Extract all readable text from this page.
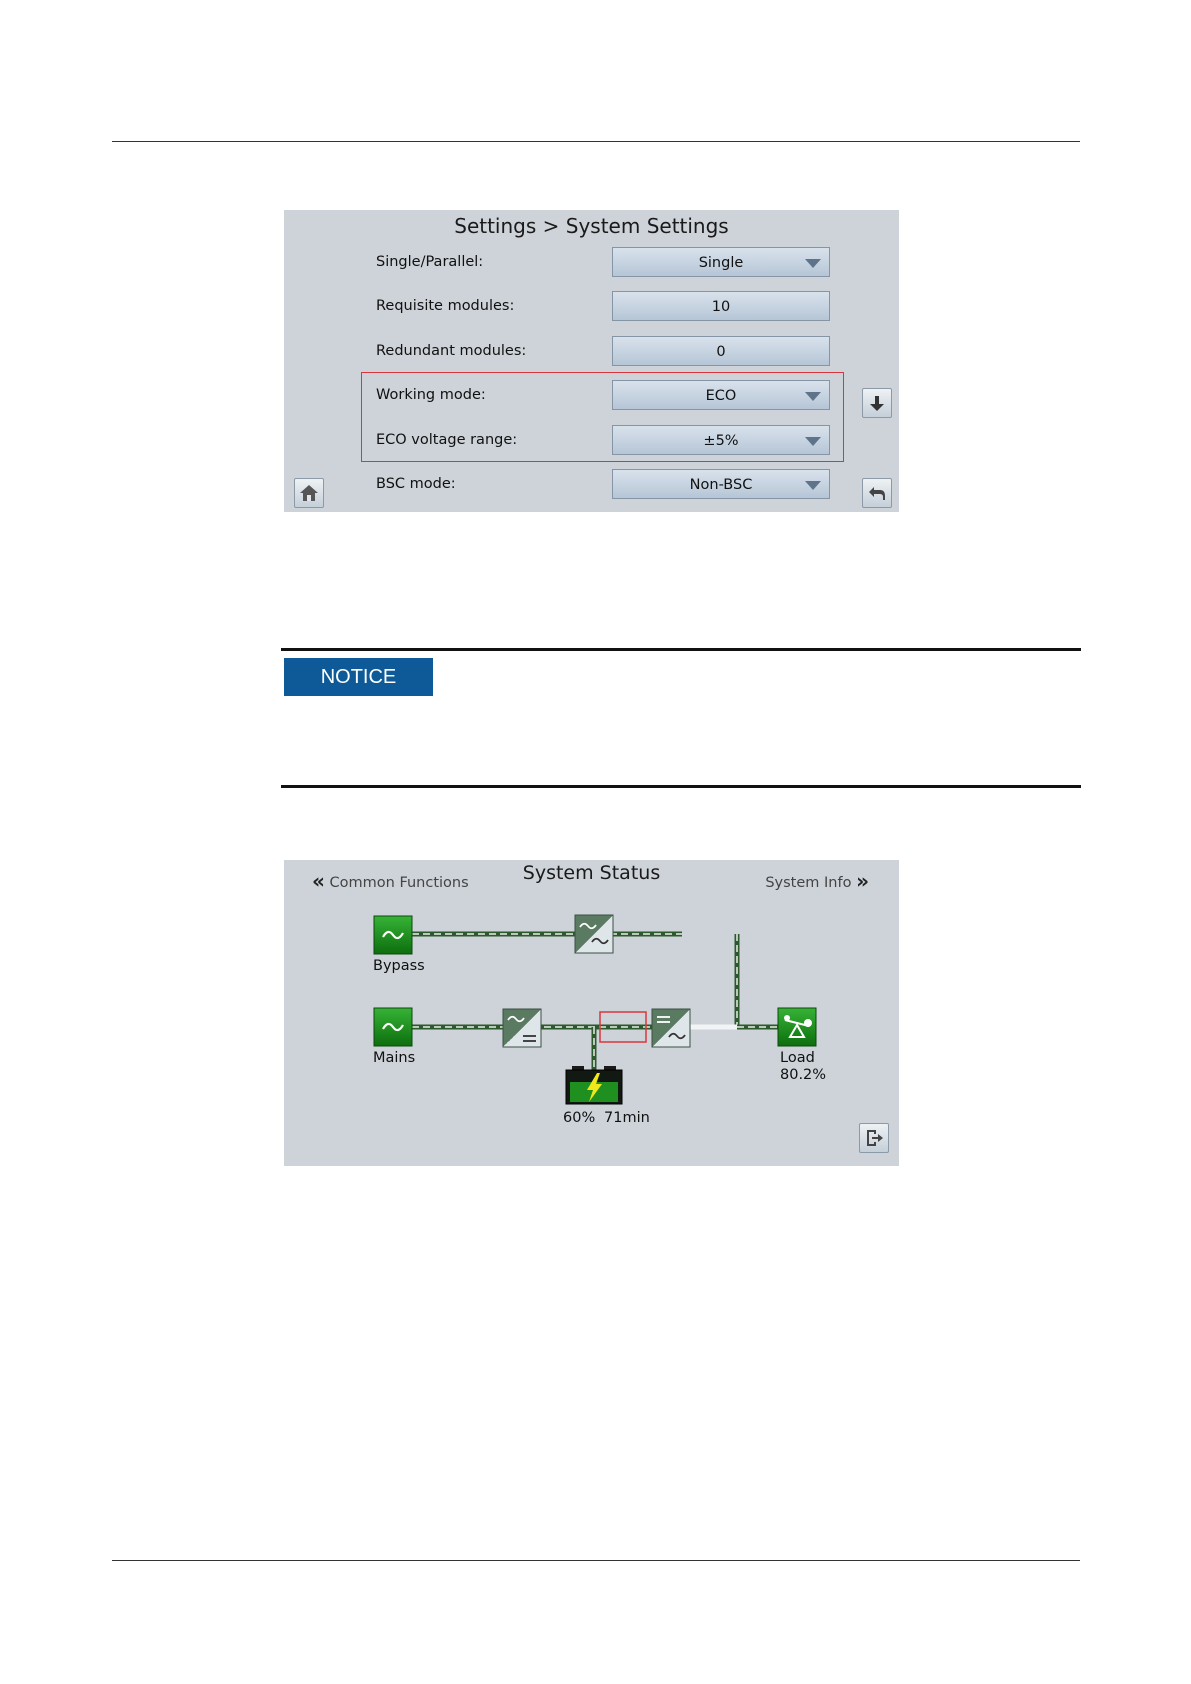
Settings > System Settings
Single/Parallel:	Single
Requisite modules:	10
Redundant modules:	0
Working mode:	ECO
ECO voltage range:	±5%
BSC mode:	Non-BSC
NOTICE
System Status
« Common Functions	System Info »
Bypass
Mains	Load
80.2%
60% 71min
